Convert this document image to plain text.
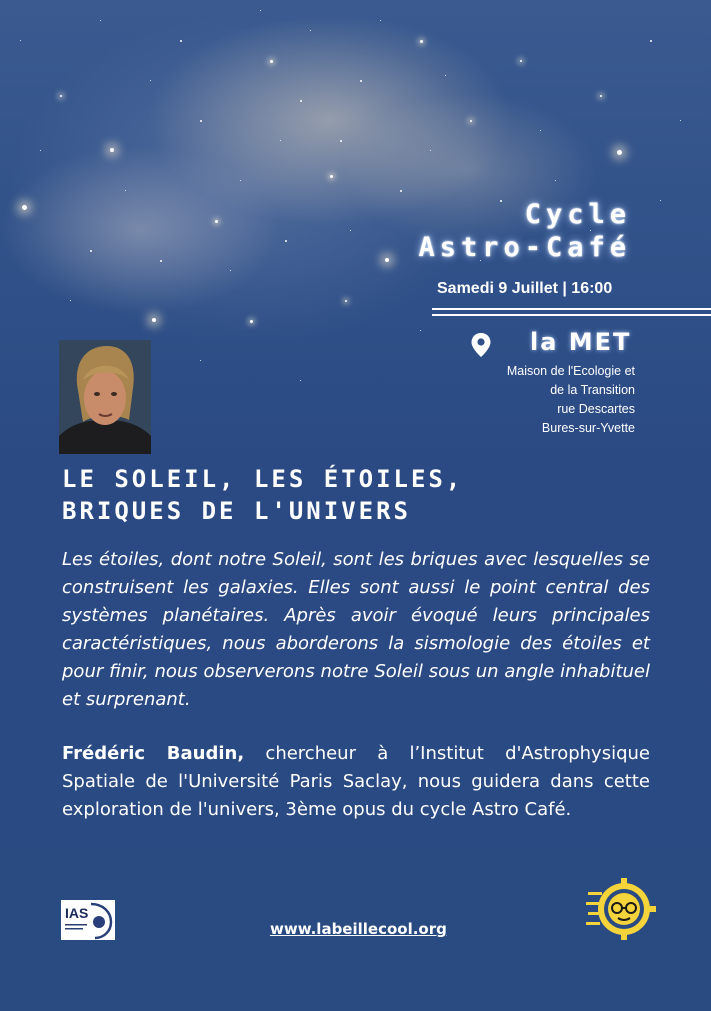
Cycle
Astro-Café
Samedi 9 Juillet | 16:00
la MET
Maison de l'Ecologie et
de la Transition
rue Descartes
Bures-sur-Yvette
LE SOLEIL, LES ÉTOILES,
BRIQUES DE L'UNIVERS

Les étoiles, dont notre Soleil, sont les briques avec lesquelles se construisent les galaxies. Elles sont aussi le point central des systèmes planétaires. Après avoir évoqué leurs principales caractéristiques, nous aborderons la sismologie des étoiles et pour finir, nous observerons notre Soleil sous un angle inhabituel et surprenant.

Frédéric Baudin, chercheur à l’Institut d'Astrophysique Spatiale de l'Université Paris Saclay, nous guidera dans cette exploration de l'univers, 3ème opus du cycle Astro Café.

IAS
www.labeillecool.org
